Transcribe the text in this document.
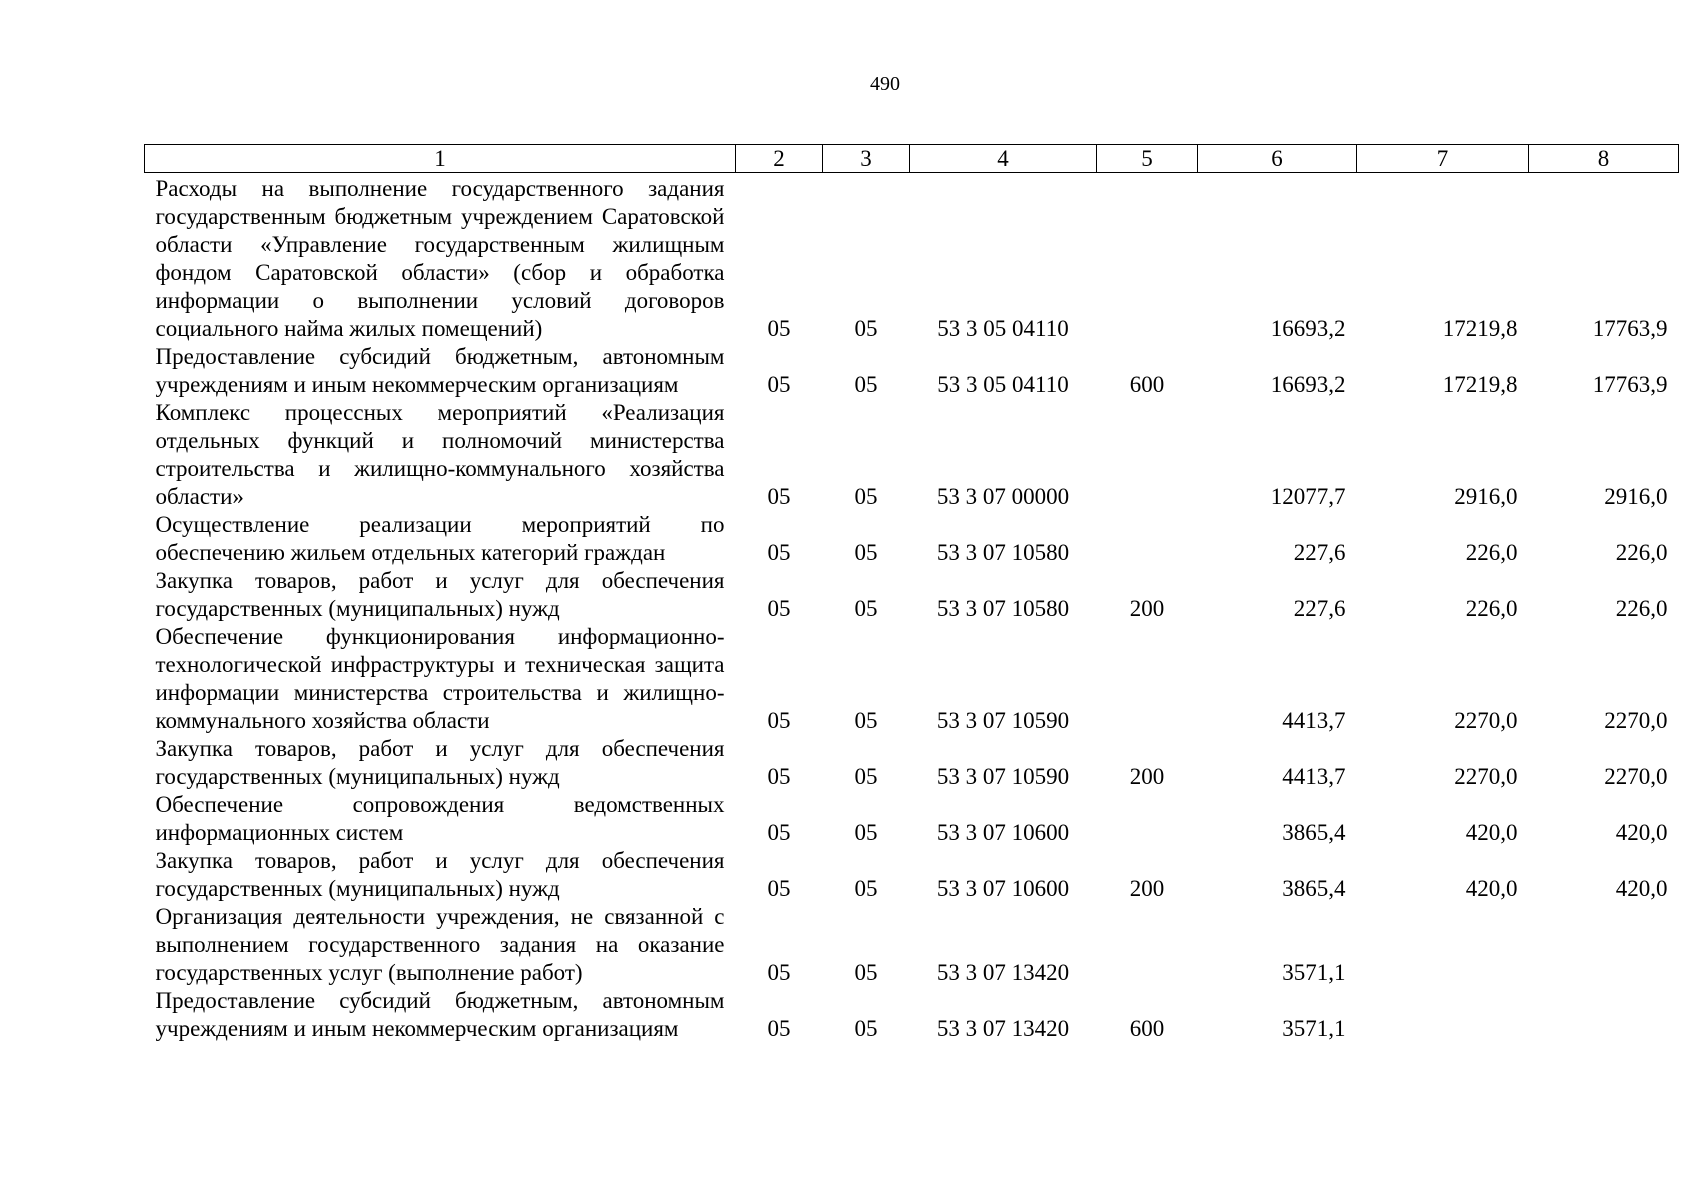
490
1	2	3	4	5	6	7	8
Расходы на выполнение государственного задания государственным бюджетным учреждением Саратовской области «Управление государственным жилищным фондом Саратовской области» (сбор и обработка информации о выполнении условий договоров социального найма жилых помещений)	05	05	53 3 05 04110		16693,2	17219,8	17763,9
Предоставление субсидий бюджетным, автономным учреждениям и иным некоммерческим организациям	05	05	53 3 05 04110	600	16693,2	17219,8	17763,9
Комплекс процессных мероприятий «Реализация отдельных функций и полномочий министерства строительства и жилищно-коммунального хозяйства области»	05	05	53 3 07 00000		12077,7	2916,0	2916,0
Осуществление реализации мероприятий по обеспечению жильем отдельных категорий граждан	05	05	53 3 07 10580		227,6	226,0	226,0
Закупка товаров, работ и услуг для обеспечения государственных (муниципальных) нужд	05	05	53 3 07 10580	200	227,6	226,0	226,0
Обеспечение функционирования информационно-технологической инфраструктуры и техническая защита информации министерства строительства и жилищно-коммунального хозяйства области	05	05	53 3 07 10590		4413,7	2270,0	2270,0
Закупка товаров, работ и услуг для обеспечения государственных (муниципальных) нужд	05	05	53 3 07 10590	200	4413,7	2270,0	2270,0
Обеспечение сопровождения ведомственных информационных систем	05	05	53 3 07 10600		3865,4	420,0	420,0
Закупка товаров, работ и услуг для обеспечения государственных (муниципальных) нужд	05	05	53 3 07 10600	200	3865,4	420,0	420,0
Организация деятельности учреждения, не связанной с выполнением государственного задания на оказание государственных услуг (выполнение работ)	05	05	53 3 07 13420		3571,1		
Предоставление субсидий бюджетным, автономным учреждениям и иным некоммерческим организациям	05	05	53 3 07 13420	600	3571,1		
